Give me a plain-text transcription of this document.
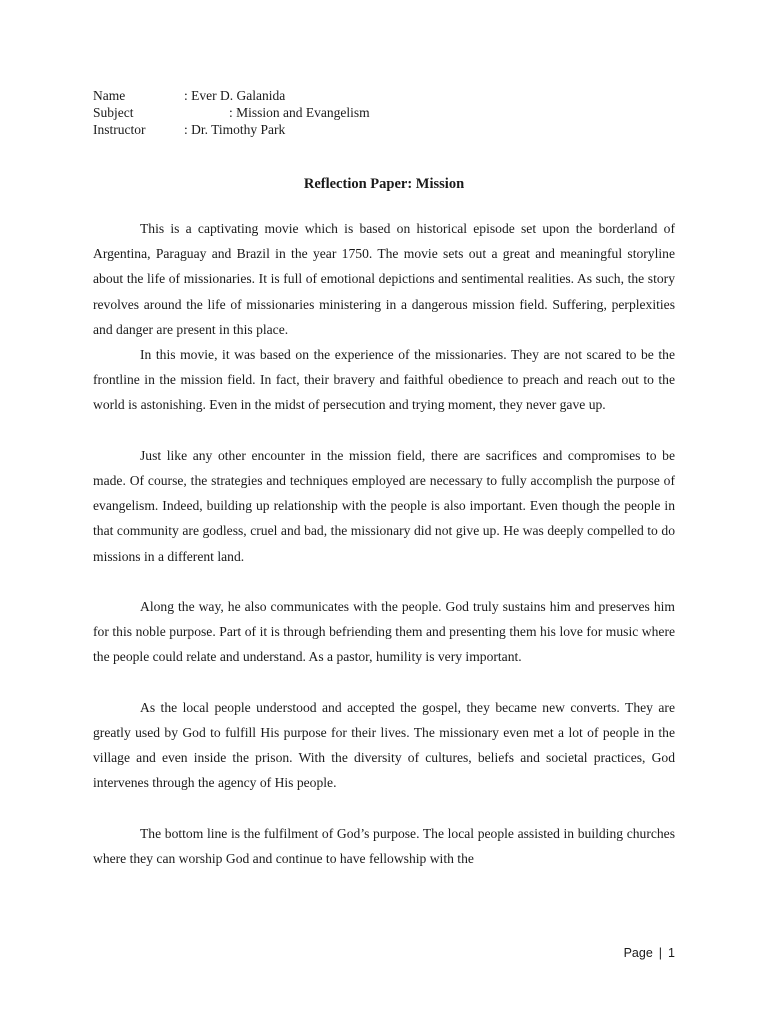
Name	: Ever D. Galanida
Subject	: Mission and Evangelism
Instructor	: Dr. Timothy Park
Reflection Paper: Mission

This is a captivating movie which is based on historical episode set upon the borderland of Argentina, Paraguay and Brazil in the year 1750. The movie sets out a great and meaningful storyline about the life of missionaries. It is full of emotional depictions and sentimental realities. As such, the story revolves around the life of missionaries ministering in a dangerous mission field. Suffering, perplexities and danger are present in this place.

In this movie, it was based on the experience of the missionaries. They are not scared to be the frontline in the mission field. In fact, their bravery and faithful obedience to preach and reach out to the world is astonishing. Even in the midst of persecution and trying moment, they never gave up.

Just like any other encounter in the mission field, there are sacrifices and compromises to be made. Of course, the strategies and techniques employed are necessary to fully accomplish the purpose of evangelism. Indeed, building up relationship with the people is also important. Even though the people in that community are godless, cruel and bad, the missionary did not give up. He was deeply compelled to do missions in a different land.

Along the way, he also communicates with the people. God truly sustains him and preserves him for this noble purpose. Part of it is through befriending them and presenting them his love for music where the people could relate and understand. As a pastor, humility is very important.

As the local people understood and accepted the gospel, they became new converts. They are greatly used by God to fulfill His purpose for their lives. The missionary even met a lot of people in the village and even inside the prison. With the diversity of cultures, beliefs and societal practices, God intervenes through the agency of His people.

The bottom line is the fulfilment of God’s purpose. The local people assisted in building churches where they can worship God and continue to have fellowship with the

Page | 1
